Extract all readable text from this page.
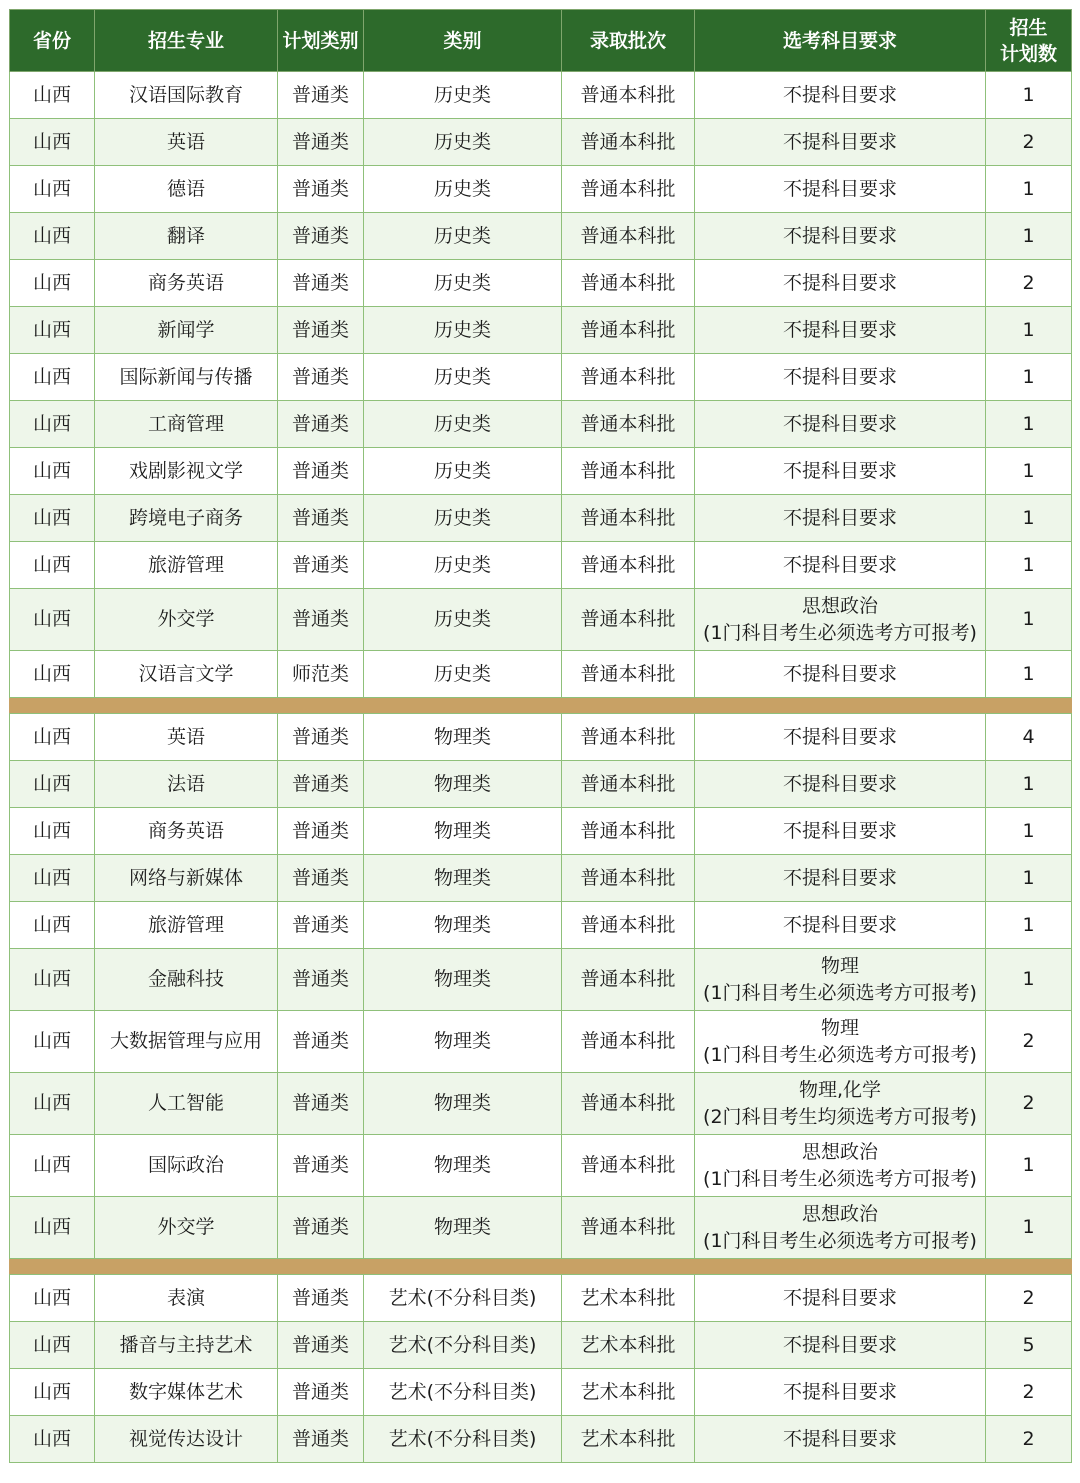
省份	招生专业	计划类别	类别	录取批次	选考科目要求	招生
计划数

山西	汉语国际教育	普通类	历史类	普通本科批	不提科目要求	1
山西	英语	普通类	历史类	普通本科批	不提科目要求	2
山西	德语	普通类	历史类	普通本科批	不提科目要求	1
山西	翻译	普通类	历史类	普通本科批	不提科目要求	1
山西	商务英语	普通类	历史类	普通本科批	不提科目要求	2
山西	新闻学	普通类	历史类	普通本科批	不提科目要求	1
山西	国际新闻与传播	普通类	历史类	普通本科批	不提科目要求	1
山西	工商管理	普通类	历史类	普通本科批	不提科目要求	1
山西	戏剧影视文学	普通类	历史类	普通本科批	不提科目要求	1
山西	跨境电子商务	普通类	历史类	普通本科批	不提科目要求	1
山西	旅游管理	普通类	历史类	普通本科批	不提科目要求	1
山西	外交学	普通类	历史类	普通本科批	思想政治
(1门科目考生必须选考方可报考)	1
山西	汉语言文学	师范类	历史类	普通本科批	不提科目要求	1

山西	英语	普通类	物理类	普通本科批	不提科目要求	4
山西	法语	普通类	物理类	普通本科批	不提科目要求	1
山西	商务英语	普通类	物理类	普通本科批	不提科目要求	1
山西	网络与新媒体	普通类	物理类	普通本科批	不提科目要求	1
山西	旅游管理	普通类	物理类	普通本科批	不提科目要求	1
山西	金融科技	普通类	物理类	普通本科批	物理
(1门科目考生必须选考方可报考)	1
山西	大数据管理与应用	普通类	物理类	普通本科批	物理
(1门科目考生必须选考方可报考)	2
山西	人工智能	普通类	物理类	普通本科批	物理,化学
(2门科目考生均须选考方可报考)	2
山西	国际政治	普通类	物理类	普通本科批	思想政治
(1门科目考生必须选考方可报考)	1
山西	外交学	普通类	物理类	普通本科批	思想政治
(1门科目考生必须选考方可报考)	1

山西	表演	普通类	艺术(不分科目类)	艺术本科批	不提科目要求	2
山西	播音与主持艺术	普通类	艺术(不分科目类)	艺术本科批	不提科目要求	5
山西	数字媒体艺术	普通类	艺术(不分科目类)	艺术本科批	不提科目要求	2
山西	视觉传达设计	普通类	艺术(不分科目类)	艺术本科批	不提科目要求	2
